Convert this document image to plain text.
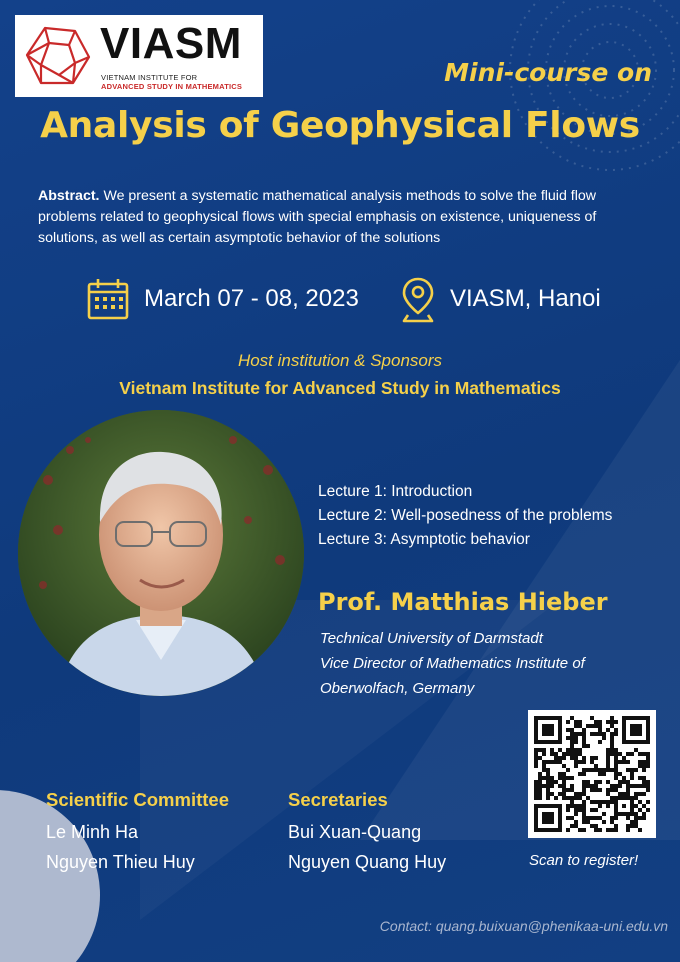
VIASM
VIETNAM INSTITUTE FOR
ADVANCED STUDY IN MATHEMATICS	Mini-course on
Analysis of Geophysical Flows
Abstract. We present a systematic mathematical analysis methods to solve the fluid flow problems related to geophysical flows with special emphasis on existence, uniqueness of solutions, as well as certain asymptotic behavior of the solutions
March 07 - 08, 2023	VIASM, Hanoi
Host institution & Sponsors
Vietnam Institute for Advanced Study in Mathematics
Lecture 1: Introduction
Lecture 2: Well-posedness of the problems
Lecture 3: Asymptotic behavior
Prof. Matthias Hieber
Technical University of Darmstadt
Vice Director of Mathematics Institute of
Oberwolfach, Germany
Scan to register!
Scientific Committee
Le Minh Ha
Nguyen Thieu Huy
Secretaries
Bui Xuan-Quang
Nguyen Quang Huy
Contact: quang.buixuan@phenikaa-uni.edu.vn
